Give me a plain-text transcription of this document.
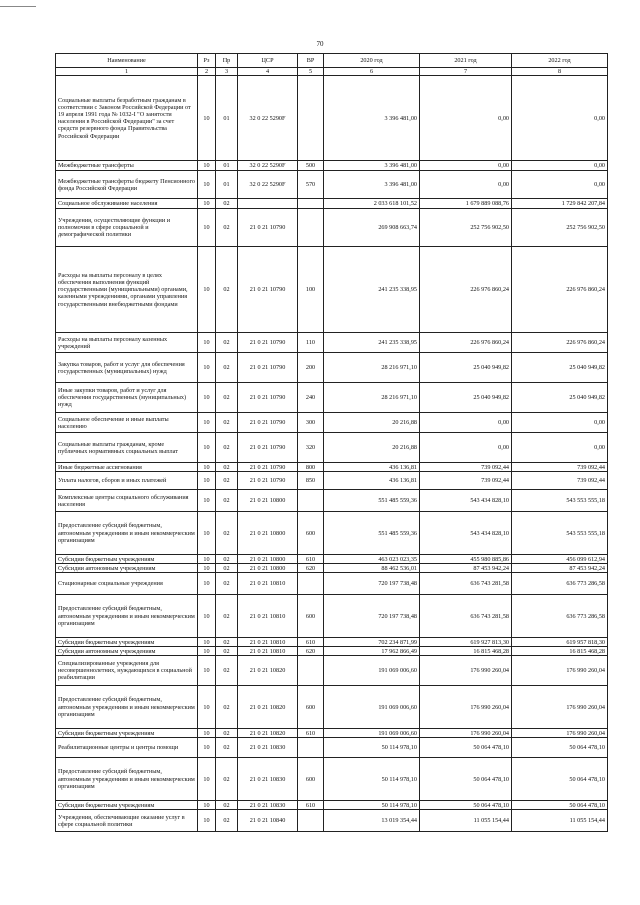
70
Наименование	Рз	Пр	ЦСР	ВР	2020 год	2021 год	2022 год
1	2	3	4	5	6	7	8
Социальные выплаты безработным гражданам в соответствии с Законом Российской Федерации от 19 апреля 1991 года № 1032-I "О занятости населения в Российской Федерации" за счет средств резервного фонда Правительства Российской Федерации	10	01	32 0 22 5290F		3 396 481,00	0,00	0,00
Межбюджетные трансферты	10	01	32 0 22 5290F	500	3 396 481,00	0,00	0,00
Межбюджетные трансферты бюджету Пенсионного фонда Российской Федерации	10	01	32 0 22 5290F	570	3 396 481,00	0,00	0,00
Социальное обслуживание населения	10	02			2 033 618 101,52	1 679 889 088,76	1 729 842 207,84
Учреждения, осуществляющие функции и полномочия в сфере социальной и демографической политики	10	02	21 0 21 10790		269 908 663,74	252 756 902,50	252 756 902,50
Расходы на выплаты персоналу в целях обеспечения выполнения функций государственными (муниципальными) органами, казенными учреждениями, органами управления государственными внебюджетными фондами	10	02	21 0 21 10790	100	241 235 338,95	226 976 860,24	226 976 860,24
Расходы на выплаты персоналу казенных учреждений	10	02	21 0 21 10790	110	241 235 338,95	226 976 860,24	226 976 860,24
Закупка товаров, работ и услуг для обеспечения государственных (муниципальных) нужд	10	02	21 0 21 10790	200	28 216 971,10	25 040 949,82	25 040 949,82
Иные закупки товаров, работ и услуг для обеспечения государственных (муниципальных) нужд	10	02	21 0 21 10790	240	28 216 971,10	25 040 949,82	25 040 949,82
Социальное обеспечение и иные выплаты населению	10	02	21 0 21 10790	300	20 216,88	0,00	0,00
Социальные выплаты гражданам, кроме публичных нормативных социальных выплат	10	02	21 0 21 10790	320	20 216,88	0,00	0,00
Иные бюджетные ассигнования	10	02	21 0 21 10790	800	436 136,81	739 092,44	739 092,44
Уплата налогов, сборов и иных платежей	10	02	21 0 21 10790	850	436 136,81	739 092,44	739 092,44
Комплексные центры социального обслуживания населения	10	02	21 0 21 10800		551 485 559,36	543 434 828,10	543 553 555,18
Предоставление субсидий бюджетным, автономным учреждениям и иным некоммерческим организациям	10	02	21 0 21 10800	600	551 485 559,36	543 434 828,10	543 553 555,18
Субсидии бюджетным учреждениям	10	02	21 0 21 10800	610	463 023 023,35	455 980 885,86	456 099 612,94
Субсидии автономным учреждениям	10	02	21 0 21 10800	620	88 462 536,01	87 453 942,24	87 453 942,24
Стационарные социальные учреждения	10	02	21 0 21 10810		720 197 738,48	636 743 281,58	636 773 286,58
Предоставление субсидий бюджетным, автономным учреждениям и иным некоммерческим организациям	10	02	21 0 21 10810	600	720 197 738,48	636 743 281,58	636 773 286,58
Субсидии бюджетным учреждениям	10	02	21 0 21 10810	610	702 234 871,99	619 927 813,30	619 957 818,30
Субсидии автономным учреждениям	10	02	21 0 21 10810	620	17 962 866,49	16 815 468,28	16 815 468,28
Специализированные учреждения для несовершеннолетних, нуждающихся в социальной реабилитации	10	02	21 0 21 10820		191 069 006,60	176 990 260,04	176 990 260,04
Предоставление субсидий бюджетным, автономным учреждениям и иным некоммерческим организациям	10	02	21 0 21 10820	600	191 069 006,60	176 990 260,04	176 990 260,04
Субсидии бюджетным учреждениям	10	02	21 0 21 10820	610	191 069 006,60	176 990 260,04	176 990 260,04
Реабилитационные центры и центры помощи	10	02	21 0 21 10830		50 114 978,10	50 064 478,10	50 064 478,10
Предоставление субсидий бюджетным, автономным учреждениям и иным некоммерческим организациям	10	02	21 0 21 10830	600	50 114 978,10	50 064 478,10	50 064 478,10
Субсидии бюджетным учреждениям	10	02	21 0 21 10830	610	50 114 978,10	50 064 478,10	50 064 478,10
Учреждения, обеспечивающие оказание услуг в сфере социальной политики	10	02	21 0 21 10840		13 019 354,44	11 055 154,44	11 055 154,44
